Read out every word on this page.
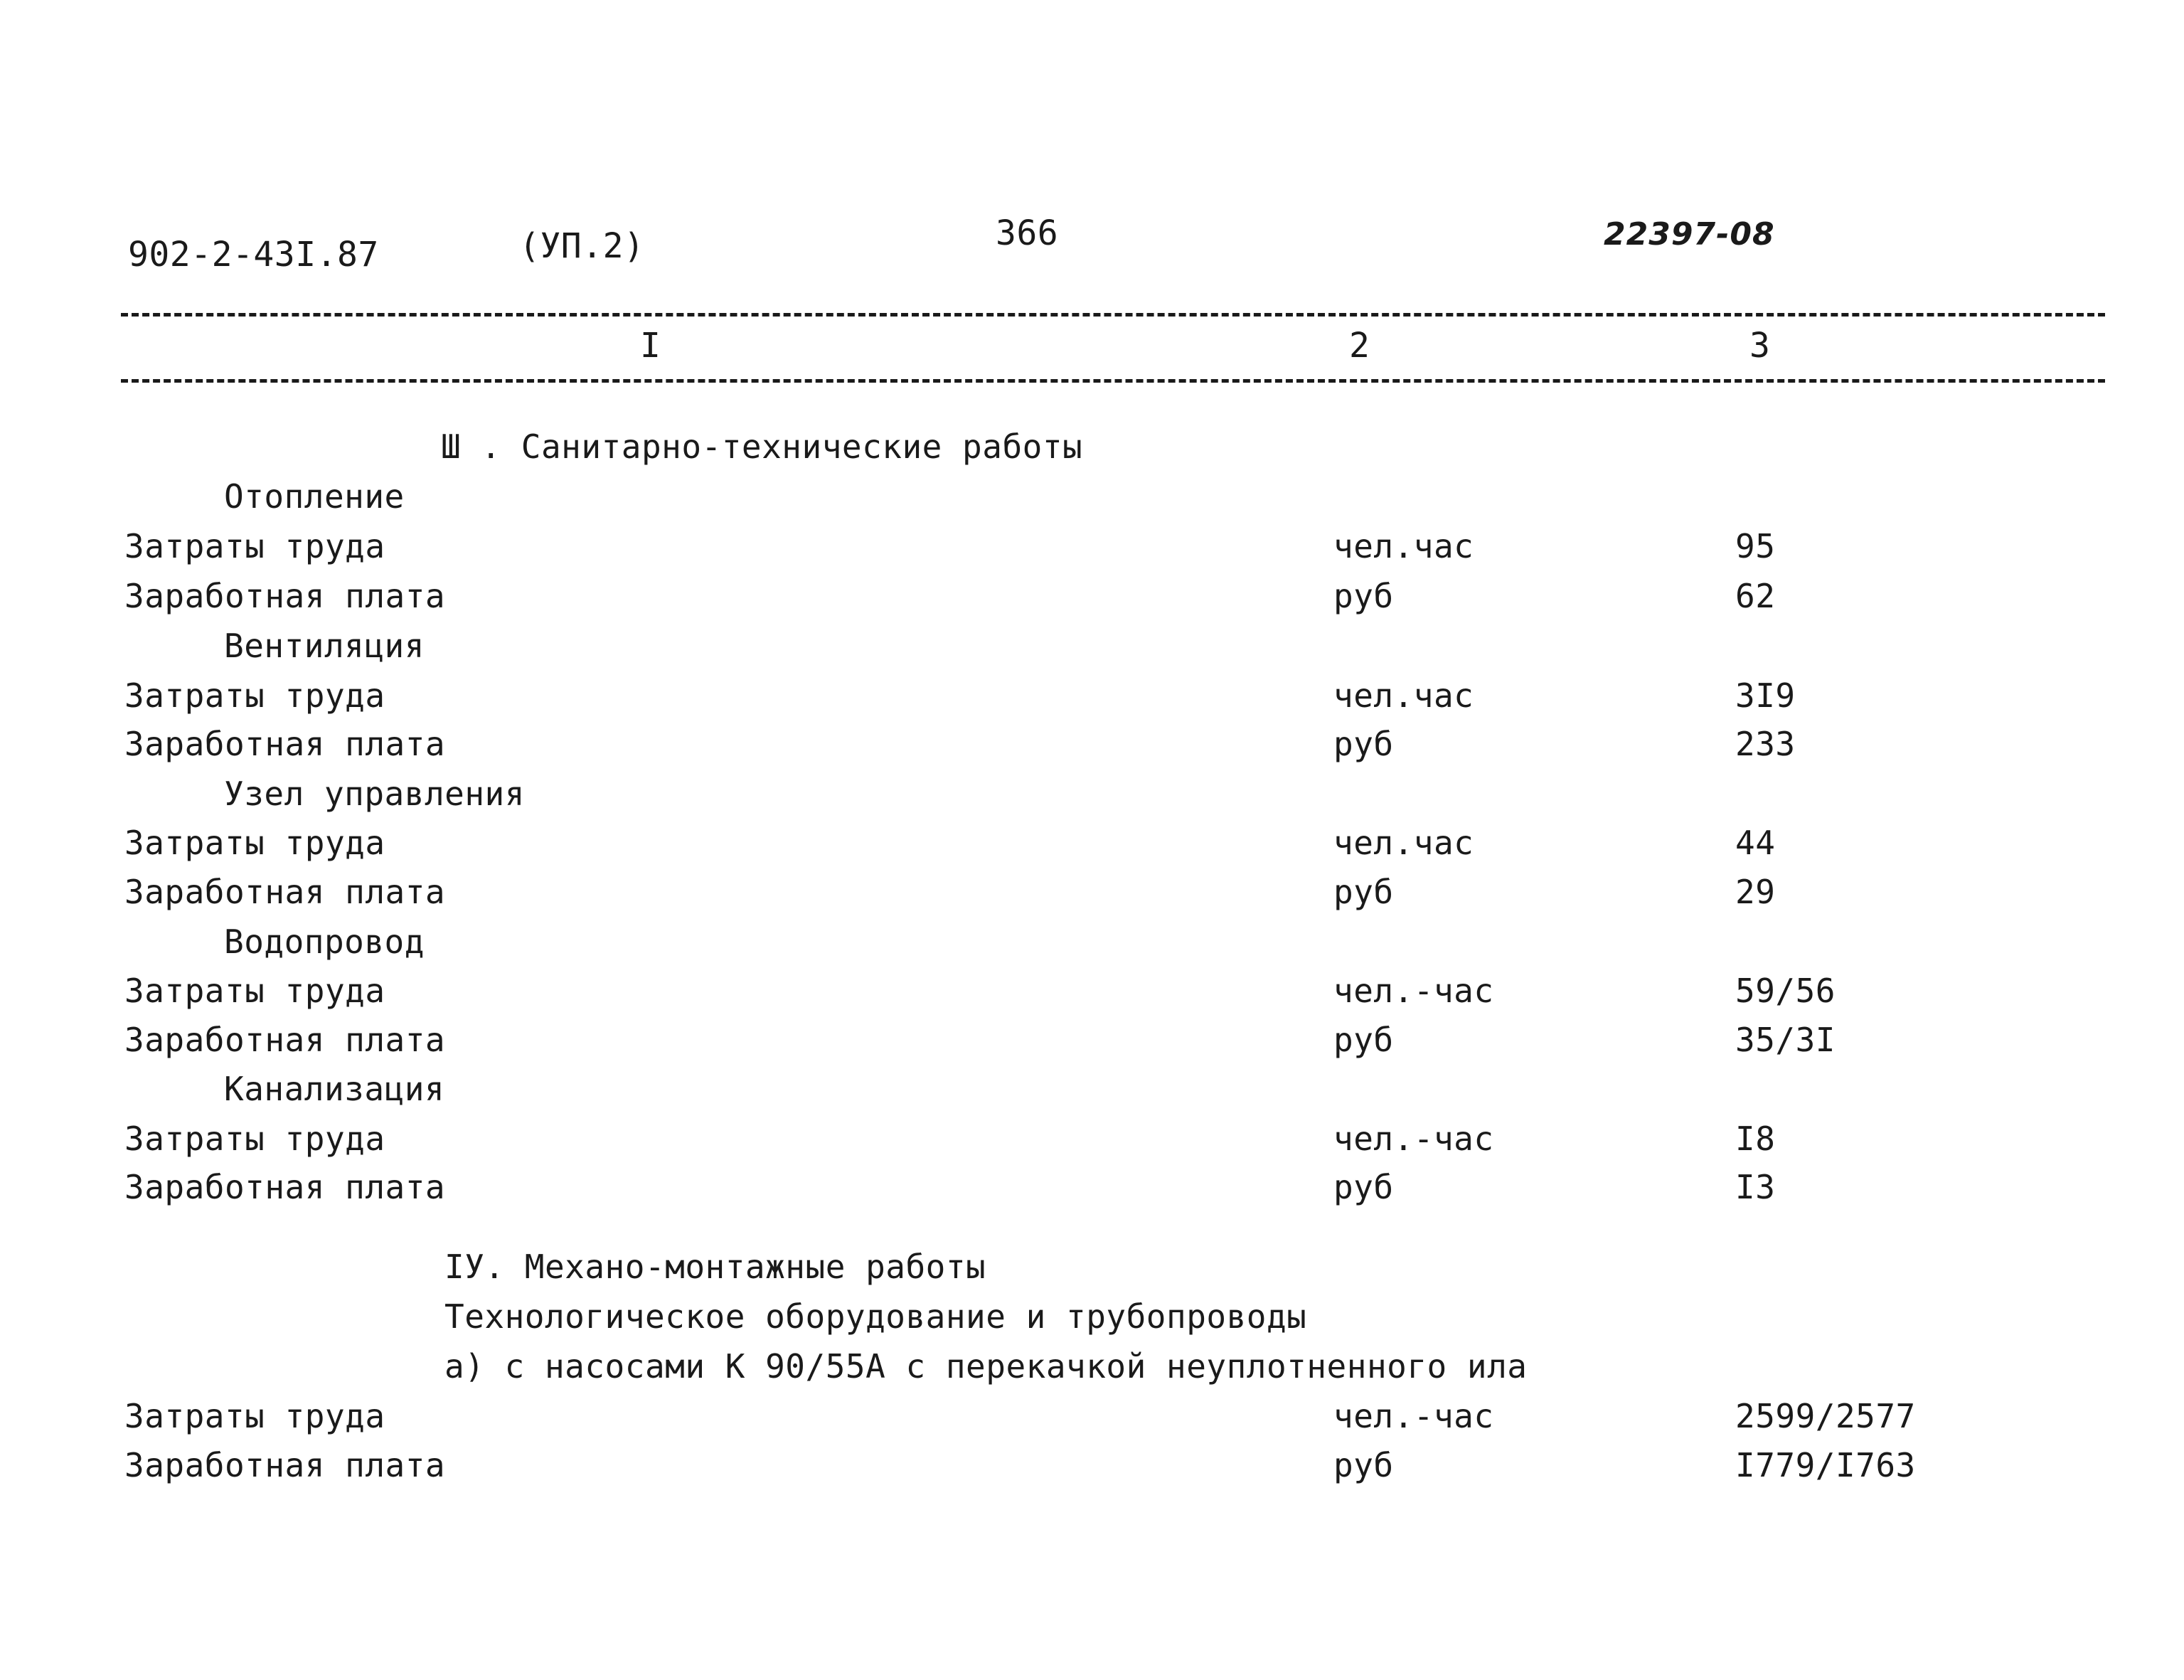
902-2-43I.87	(УП.2)	366	22397-08
I	2	3
Ш . Санитарно-технические работы
Отопление
Затраты труда	чел.час	95
Заработная плата	руб	62
Вентиляция
Затраты труда	чел.час	3I9
Заработная плата	руб	233
Узел управления
Затраты труда	чел.час	44
Заработная плата	руб	29
Водопровод
Затраты труда	чел.-час	59/56
Заработная плата	руб	35/3I
Канализация
Затраты труда	чел.-час	I8
Заработная плата	руб	I3
IУ. Механо-монтажные работы
Технологическое оборудование и трубопроводы
а) с насосами К 90/55А с перекачкой неуплотненного ила
Затраты труда	чел.-час	2599/2577
Заработная плата	руб	I779/I763
